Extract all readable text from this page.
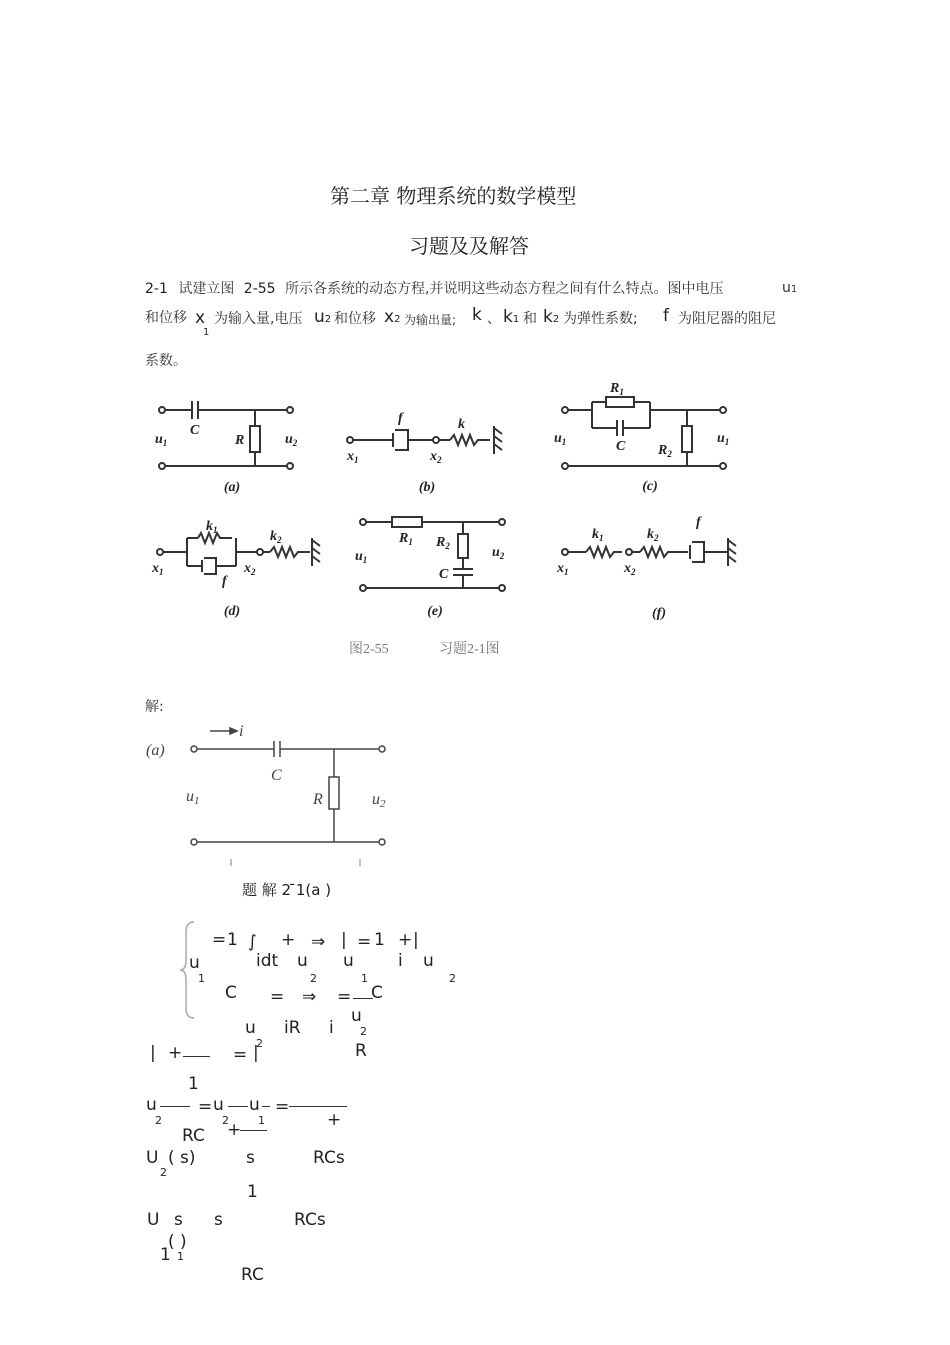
第二章 物理系统的数学模型
习题及及解答
2-1 试建立图 2-55 所示各系统的动态方程,并说明这些动态方程之间有什么特点。图中电压	u1
和位移 x
1
为输入量,电压 u2 和位移 x2 为输出量; k 、 k1 和 k2 为弹性系数; f 为阻尼器的阻尼
系数。
$u_1$
C
R	$u_2$
f	k
$x_1$	$x_2$
$R_1$
C
$u_1$
$R_2$
$u_1$
$k_1$
f
$k_2$
$x_1$	$x_2$
$R_1$ $R_2$
C
$u_1$	$u_2$
$k_1$	$k_2$
f
$x_1$	$x_2$
(a)	(b)	(c)
(d)	(e)	(f)
图2-55	习题2-1图
解:
(a)
i
C
R
u1	u2
题 解 2 ̄1(a )
= 1 ∫ + ⇒ | = 1 + |
u	idt u u	i u
1	2	1	2
C = ⇒ = C
u
u iR i 2
2
| +	= |	R
1
u = u u =
2	2	1
+	+
RC
U ( s)	s	RCs
2
1
U s s	RCs
1
( )
1
RC
